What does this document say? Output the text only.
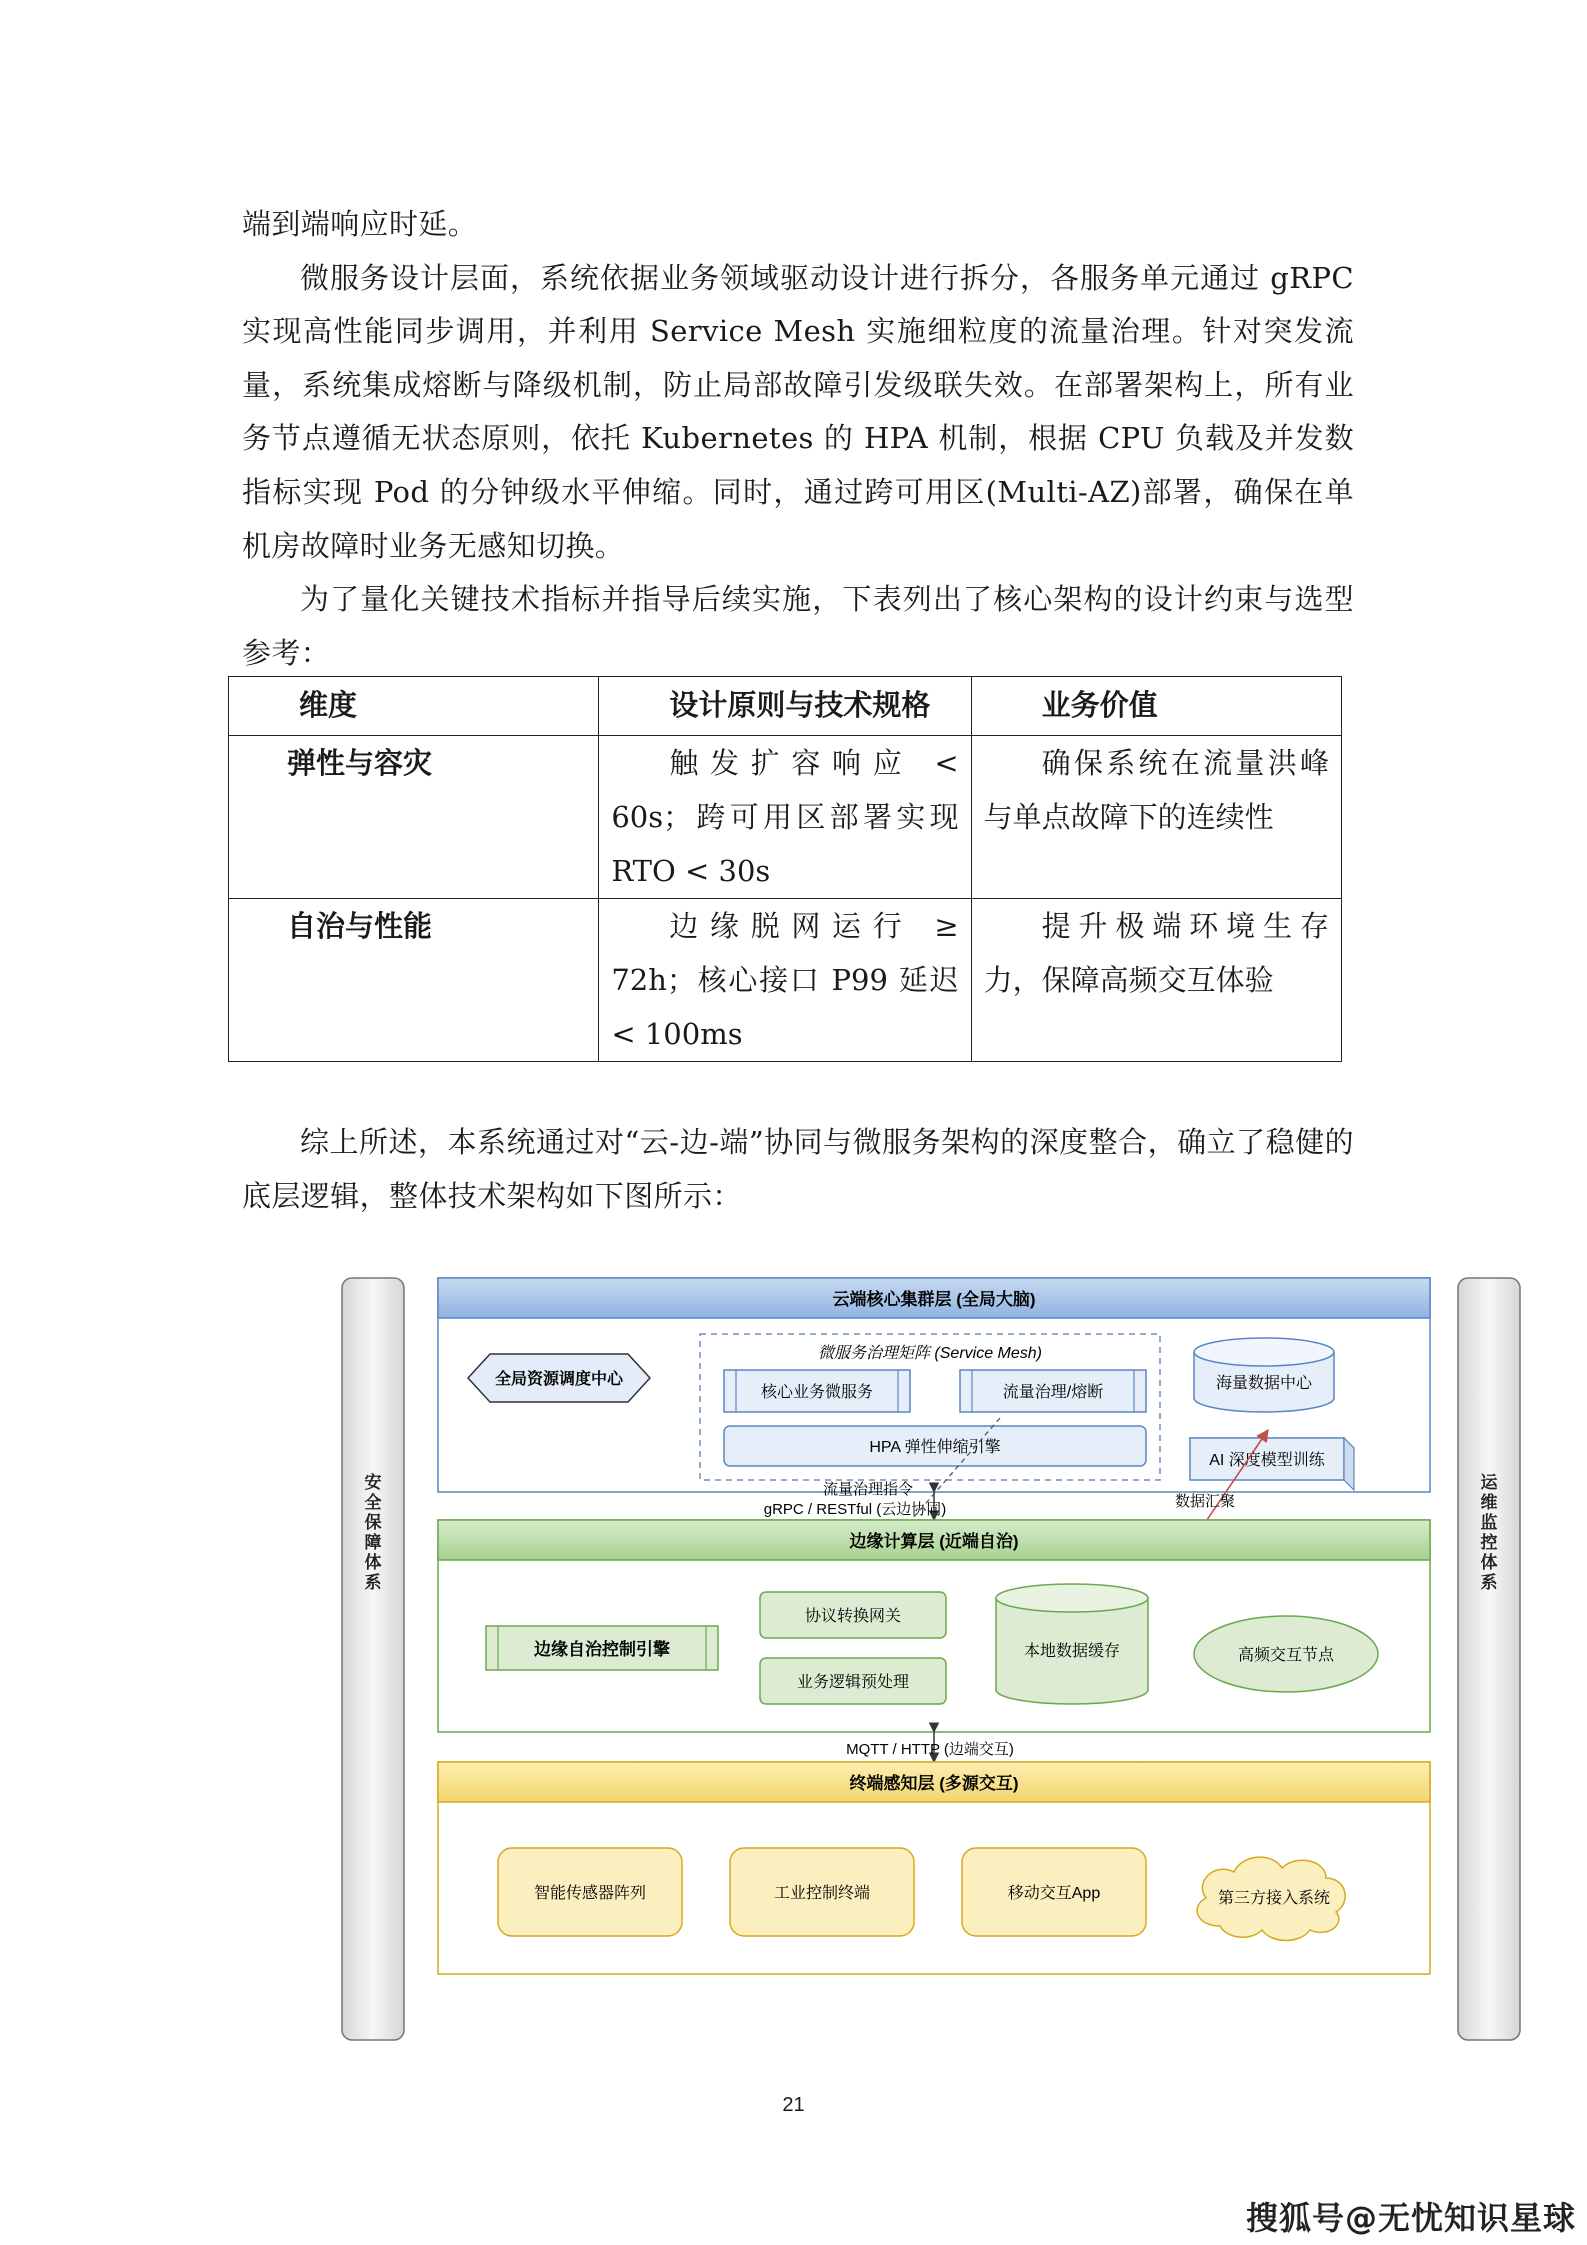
端到端响应时延。

微服务设计层面，系统依据业务领域驱动设计进行拆分，各服务单元通过 gRPC 实现高性能同步调用，并利用 Service Mesh 实施细粒度的流量治理。针对突发流量，系统集成熔断与降级机制，防止局部故障引发级联失效。在部署架构上，所有业务节点遵循无状态原则，依托 Kubernetes 的 HPA 机制，根据 CPU 负载及并发数指标实现 Pod 的分钟级水平伸缩。同时，通过跨可用区(Multi-AZ)部署，确保在单机房故障时业务无感知切换。

为了量化关键技术指标并指导后续实施，下表列出了核心架构的设计约束与选型参考：

维度	设计原则与技术规格	业务价值
弹性与容灾	触发扩容响应 < 60s；跨可用区部署实现 RTO < 30s	确保系统在流量洪峰与单点故障下的连续性
自治与性能	边缘脱网运行 ≥ 72h；核心接口 P99 延迟 < 100ms	提升极端环境生存力，保障高频交互体验

综上所述，本系统通过对“云-边-端”协同与微服务架构的深度整合，确立了稳健的底层逻辑，整体技术架构如下图所示：

安全保障体系
运维监控体系
云端核心集群层 (全局大脑)
全局资源调度中心
微服务治理矩阵 (Service Mesh)
核心业务微服务	流量治理/熔断
HPA 弹性伸缩引擎
海量数据中心
AI 深度模型训练
gRPC / RESTful (云边协同)
流量治理指令
数据汇聚
边缘计算层 (近端自治)
边缘自治控制引擎
协议转换网关
业务逻辑预处理
本地数据缓存	高频交互节点
MQTT / HTTP (边端交互)
终端感知层 (多源交互)
智能传感器阵列	工业控制终端	移动交互App	第三方接入系统
21
搜狐号@无忧知识星球
